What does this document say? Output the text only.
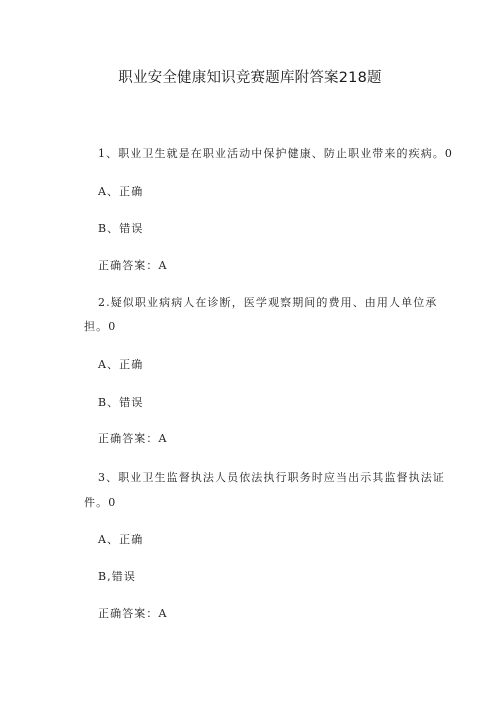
职业安全健康知识竞赛题库附答案218题
1、职业卫生就是在职业活动中保护健康、防止职业带来的疾病。0
A、正确
B、错误
正确答案：A
2.疑似职业病病人在诊断，医学观察期间的费用、由用人单位承
担。0
A、正确
B、错误
正确答案：A
3、职业卫生监督执法人员依法执行职务时应当出示其监督执法证
件。0
A、正确
B,错误
正确答案：A
